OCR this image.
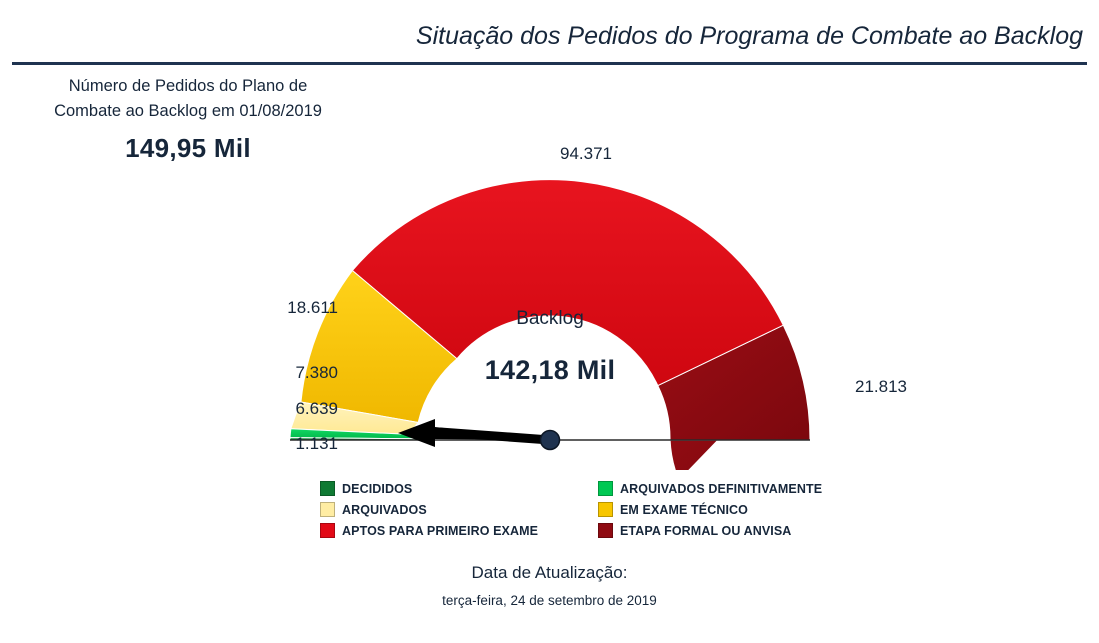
Situação dos Pedidos do Programa de Combate ao Backlog
Número de Pedidos do Plano de
Combate ao Backlog em 01/08/2019
149,95 Mil
Backlog
142,18 Mil
94.371
21.813
18.611
7.380
6.639
1.131
DECIDIDOS	ARQUIVADOS DEFINITIVAMENTE
ARQUIVADOS	EM EXAME TÉCNICO
APTOS PARA PRIMEIRO EXAME	ETAPA FORMAL OU ANVISA
Data de Atualização:
terça-feira, 24 de setembro de 2019
